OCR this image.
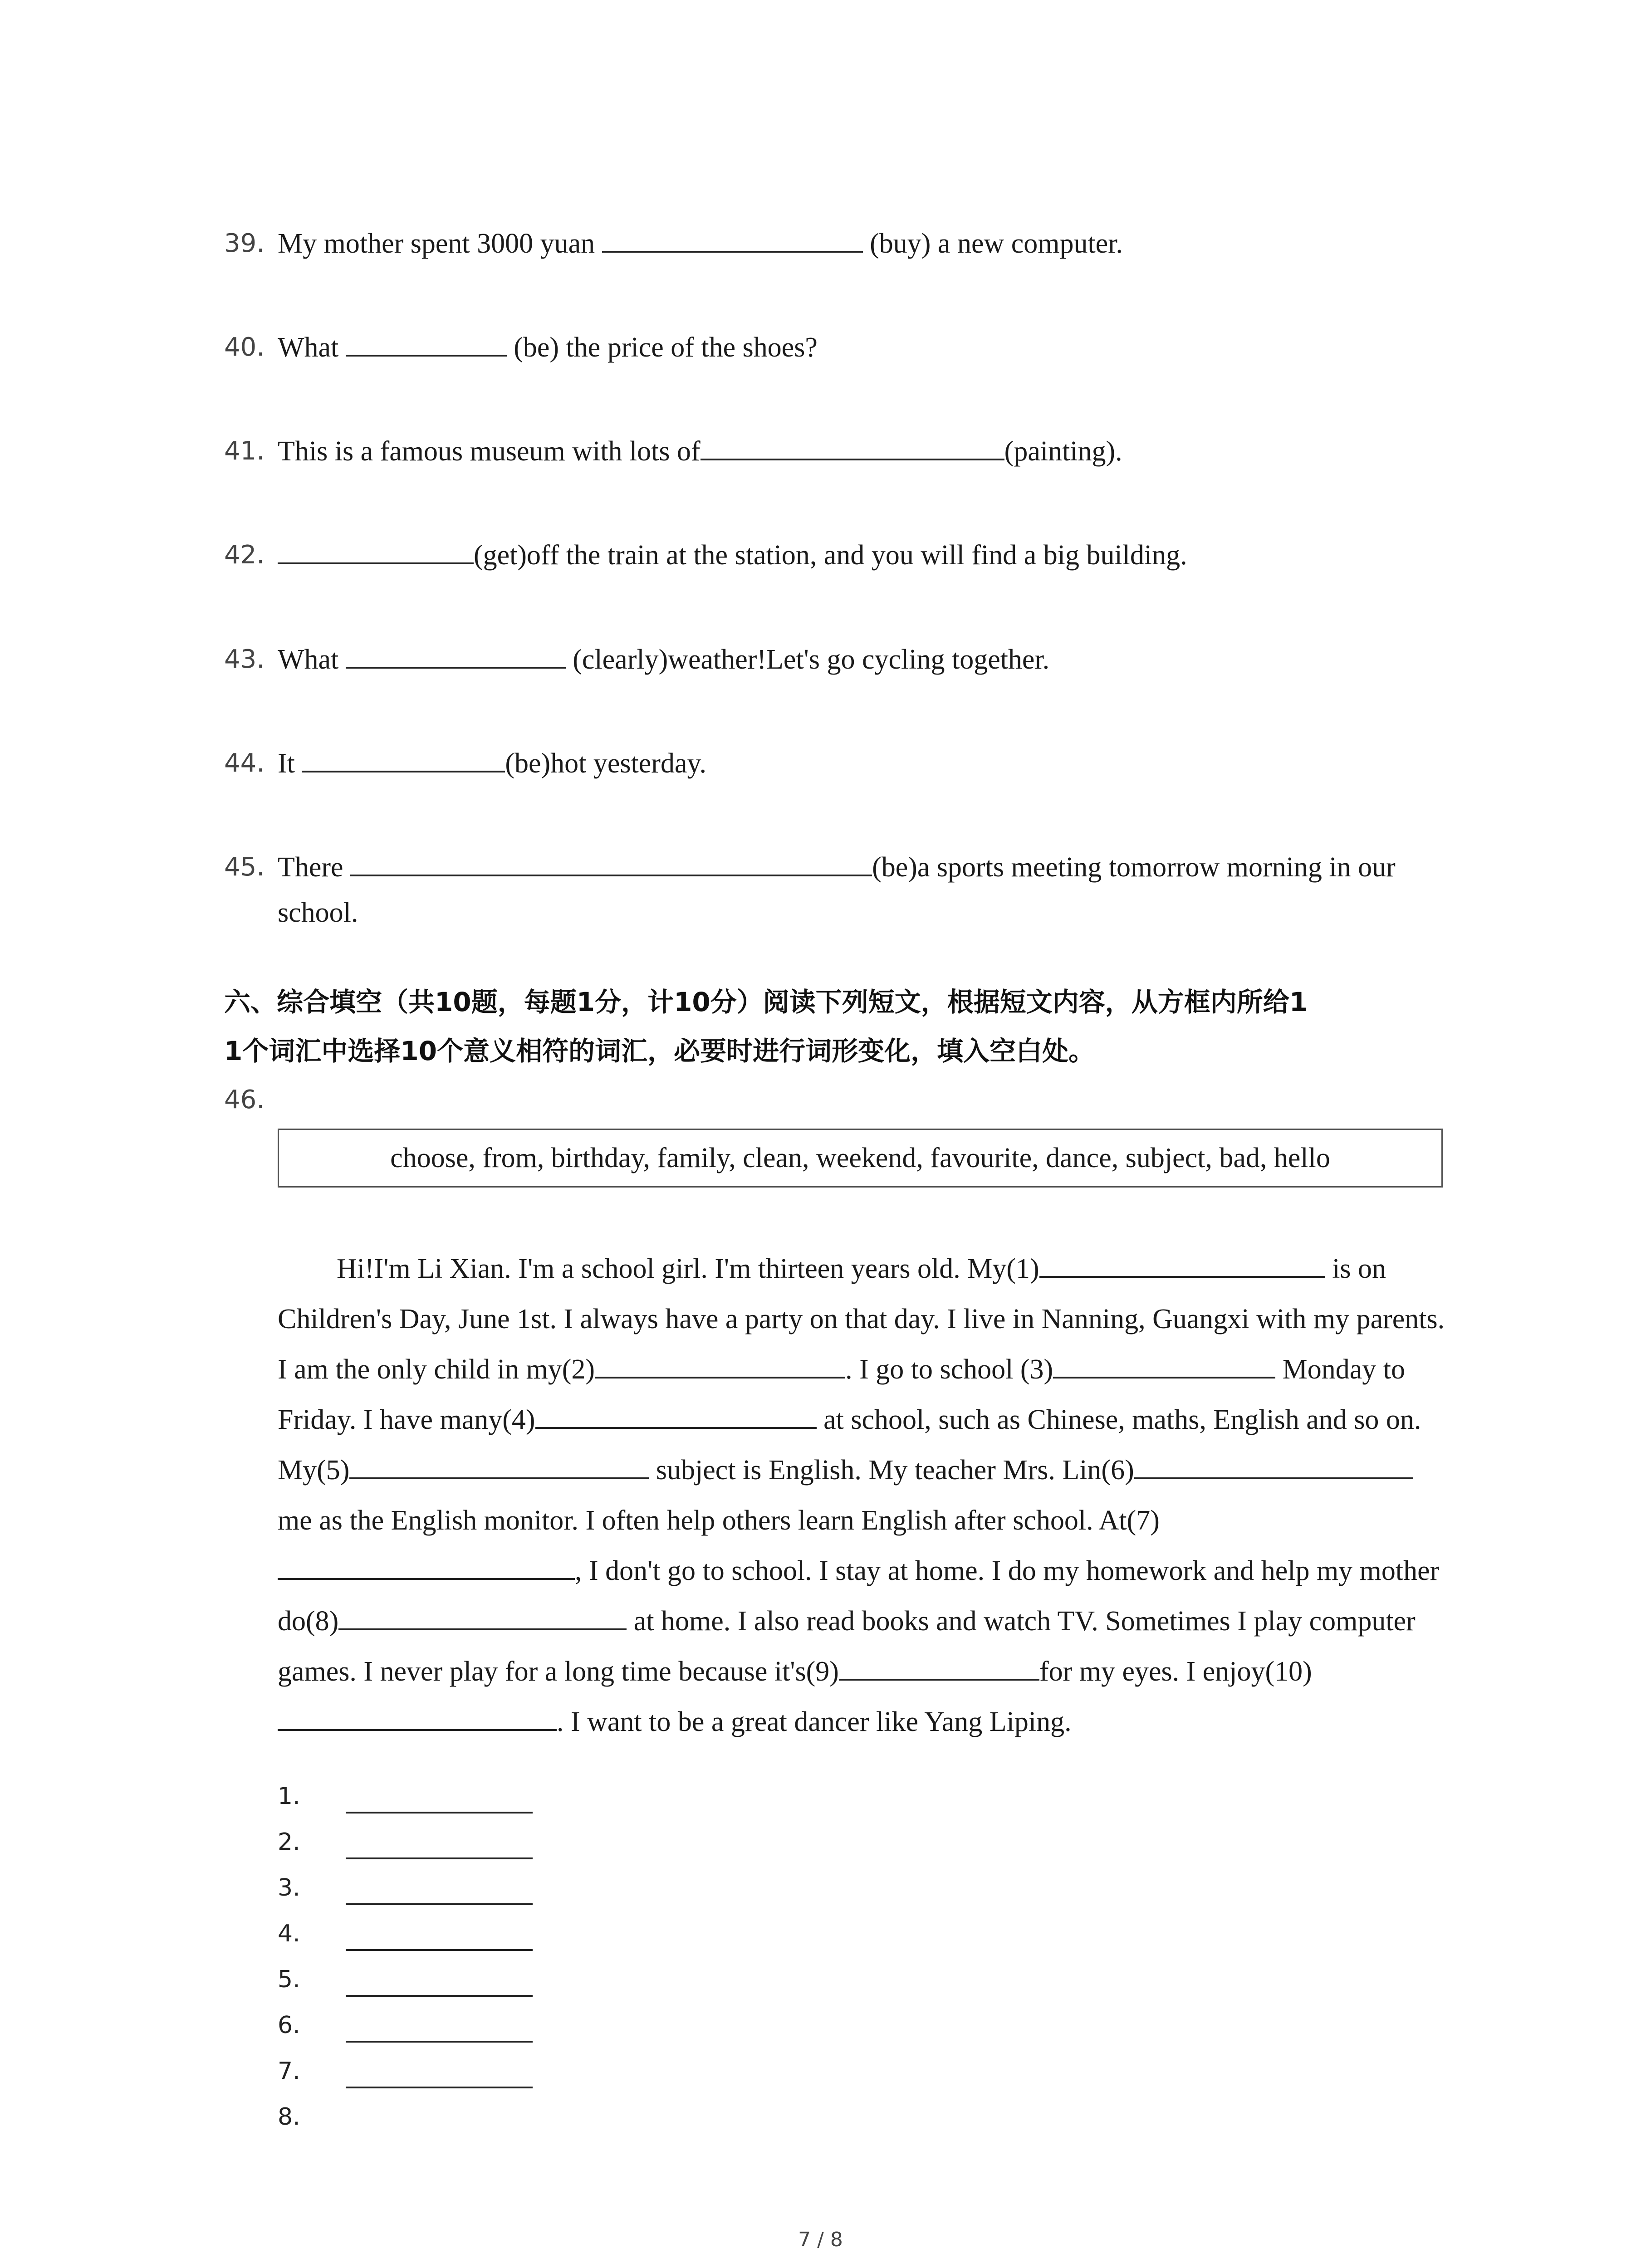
39. My mother spent 3000 yuan	(buy) a new computer.
40. What	(be) the price of the shoes?
41. This is a famous museum with lots of	(painting).
42.	(get)off the train at the station, and you will find a big building.
43. What	(clearly)weather!Let's go cycling together.
44. It	(be)hot yesterday.
45. There	(be)a sports meeting tomorrow morning in our school.
六、综合填空（共10题，每题1分，计10分）阅读下列短文，根据短文内容，从方框内所给1
1个词汇中选择10个意义相符的词汇，必要时进行词形变化，填入空白处。
46.
choose, from, birthday, family, clean, weekend, favourite, dance, subject, bad, hello
Hi!I'm Li Xian. I'm a school girl. I'm thirteen years old. My(1)	is on Children's Day, June 1st. I always have a party on that day. I live in Nanning, Guangxi with my parents. I am the only child in my(2)	. I go to school (3)	Monday to Friday. I have many(4)	at school, such as Chinese, maths, English and so on. My(5)	subject is English. My teacher Mrs. Lin(6) me as the English monitor. I often help others learn English after school. At(7), I don't go to school. I stay at home. I do my homework and help my mother do(8)	at home. I also read books and watch TV. Sometimes I play computer games. I never play for a long time because it's(9)	for my eyes. I enjoy(10). I want to be a great dancer like Yang Liping.
1.
2.
3.
4.
5.
6.
7.
8.
7 / 8
